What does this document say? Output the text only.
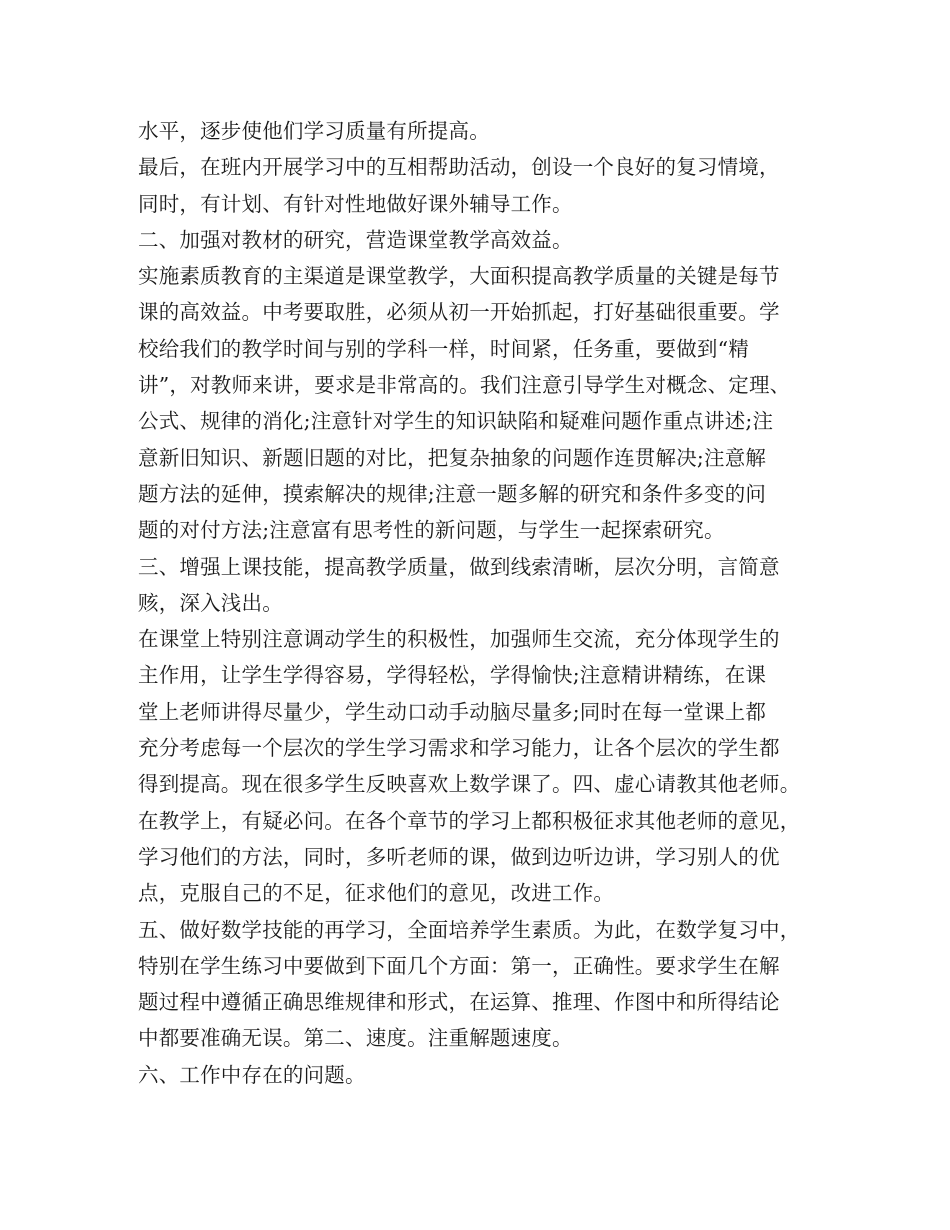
水平，逐步使他们学习质量有所提高。
最后，在班内开展学习中的互相帮助活动，创设一个良好的复习情境，
同时，有计划、有针对性地做好课外辅导工作。
二、加强对教材的研究，营造课堂教学高效益。
实施素质教育的主渠道是课堂教学，大面积提高教学质量的关键是每节
课的高效益。中考要取胜，必须从初一开始抓起，打好基础很重要。学
校给我们的教学时间与别的学科一样，时间紧，任务重，要做到“精
讲”，对教师来讲，要求是非常高的。我们注意引导学生对概念、定理、
公式、规律的消化;注意针对学生的知识缺陷和疑难问题作重点讲述;注
意新旧知识、新题旧题的对比，把复杂抽象的问题作连贯解决;注意解
题方法的延伸，摸索解决的规律;注意一题多解的研究和条件多变的问
题的对付方法;注意富有思考性的新问题，与学生一起探索研究。
三、增强上课技能，提高教学质量，做到线索清晰，层次分明，言简意
赅，深入浅出。
在课堂上特别注意调动学生的积极性，加强师生交流，充分体现学生的
主作用，让学生学得容易，学得轻松，学得愉快;注意精讲精练，在课
堂上老师讲得尽量少，学生动口动手动脑尽量多;同时在每一堂课上都
充分考虑每一个层次的学生学习需求和学习能力，让各个层次的学生都
得到提高。现在很多学生反映喜欢上数学课了。四、虚心请教其他老师。
在教学上，有疑必问。在各个章节的学习上都积极征求其他老师的意见，
学习他们的方法，同时，多听老师的课，做到边听边讲，学习别人的优
点，克服自己的不足，征求他们的意见，改进工作。
五、做好数学技能的再学习，全面培养学生素质。为此，在数学复习中，
特别在学生练习中要做到下面几个方面：第一，正确性。要求学生在解
题过程中遵循正确思维规律和形式，在运算、推理、作图中和所得结论
中都要准确无误。第二、速度。注重解题速度。
六、工作中存在的问题。
